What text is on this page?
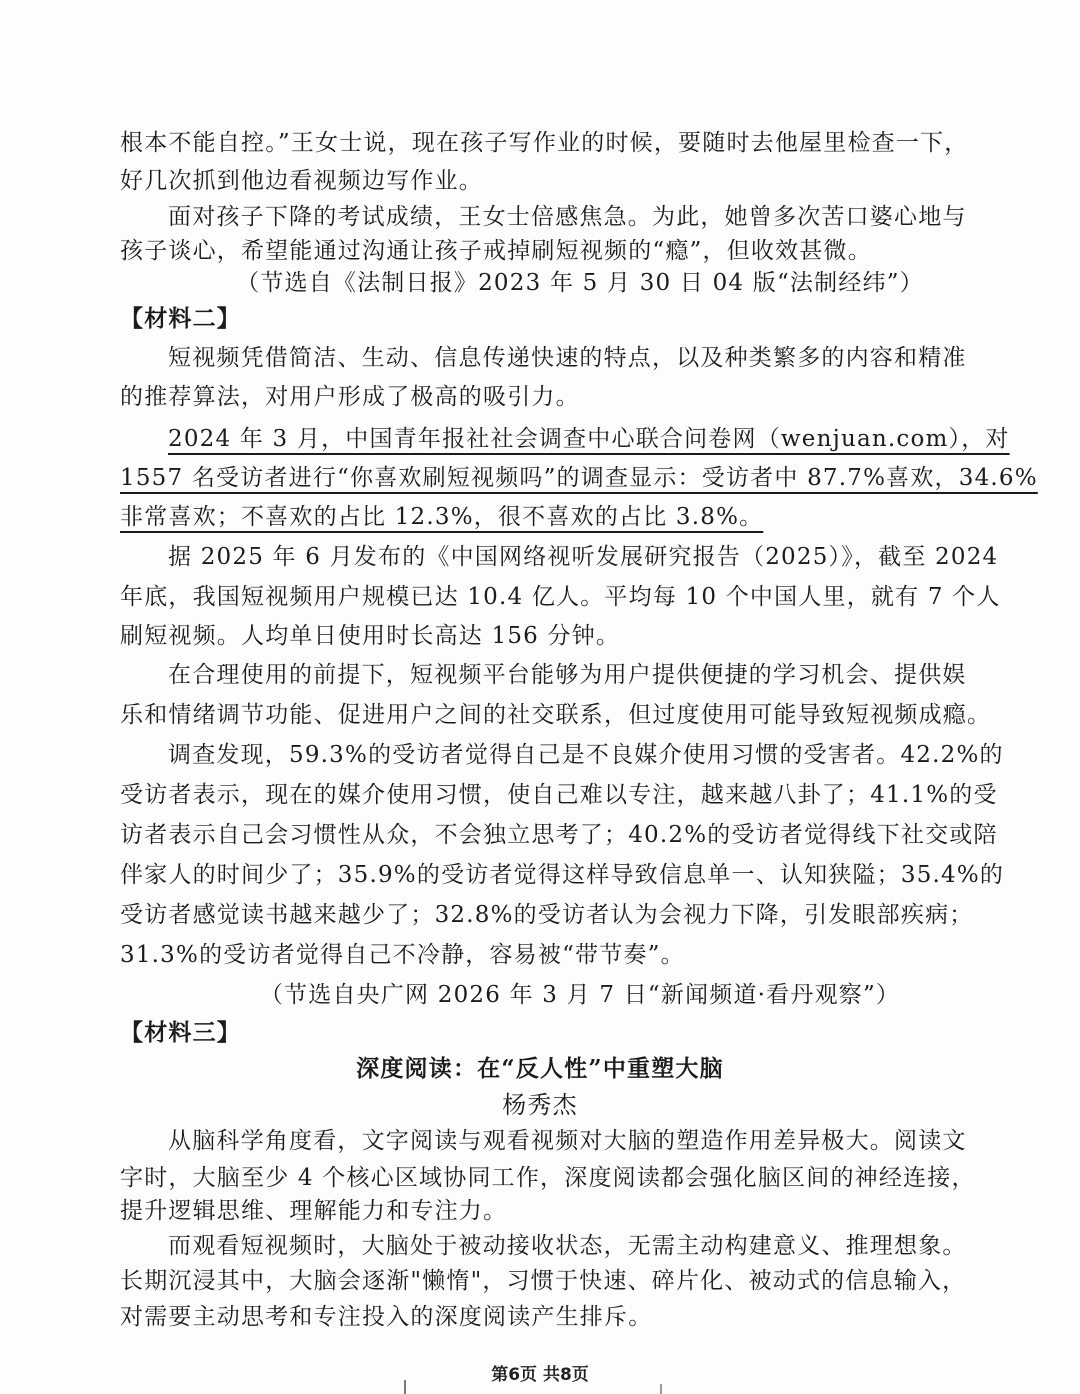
根本不能自控。”王女士说，现在孩子写作业的时候，要随时去他屋里检查一下，
好几次抓到他边看视频边写作业。
面对孩子下降的考试成绩，王女士倍感焦急。为此，她曾多次苦口婆心地与
孩子谈心，希望能通过沟通让孩子戒掉刷短视频的“瘾”，但收效甚微。
（节选自《法制日报》2023 年 5 月 30 日 04 版“法制经纬”）
【材料二】
短视频凭借简洁、生动、信息传递快速的特点，以及种类繁多的内容和精准
的推荐算法，对用户形成了极高的吸引力。
2024 年 3 月，中国青年报社社会调查中心联合问卷网（wenjuan.com），对
1557 名受访者进行“你喜欢刷短视频吗”的调查显示：受访者中 87.7%喜欢，34.6%
非常喜欢；不喜欢的占比 12.3%，很不喜欢的占比 3.8%。
据 2025 年 6 月发布的《中国网络视听发展研究报告（2025）》，截至 2024
年底，我国短视频用户规模已达 10.4 亿人。平均每 10 个中国人里，就有 7 个人
刷短视频。人均单日使用时长高达 156 分钟。
在合理使用的前提下，短视频平台能够为用户提供便捷的学习机会、提供娱
乐和情绪调节功能、促进用户之间的社交联系，但过度使用可能导致短视频成瘾。
调查发现，59.3%的受访者觉得自己是不良媒介使用习惯的受害者。42.2%的
受访者表示，现在的媒介使用习惯，使自己难以专注，越来越八卦了；41.1%的受
访者表示自己会习惯性从众，不会独立思考了；40.2%的受访者觉得线下社交或陪
伴家人的时间少了；35.9%的受访者觉得这样导致信息单一、认知狭隘；35.4%的
受访者感觉读书越来越少了；32.8%的受访者认为会视力下降，引发眼部疾病；
31.3%的受访者觉得自己不冷静，容易被“带节奏”。
（节选自央广网 2026 年 3 月 7 日“新闻频道·看丹观察”）
【材料三】
深度阅读：在“反人性”中重塑大脑
杨秀杰
从脑科学角度看，文字阅读与观看视频对大脑的塑造作用差异极大。阅读文
字时，大脑至少 4 个核心区域协同工作，深度阅读都会强化脑区间的神经连接，
提升逻辑思维、理解能力和专注力。
而观看短视频时，大脑处于被动接收状态，无需主动构建意义、推理想象。
长期沉浸其中，大脑会逐渐"懒惰"，习惯于快速、碎片化、被动式的信息输入，
对需要主动思考和专注投入的深度阅读产生排斥。
第6页 共8页
